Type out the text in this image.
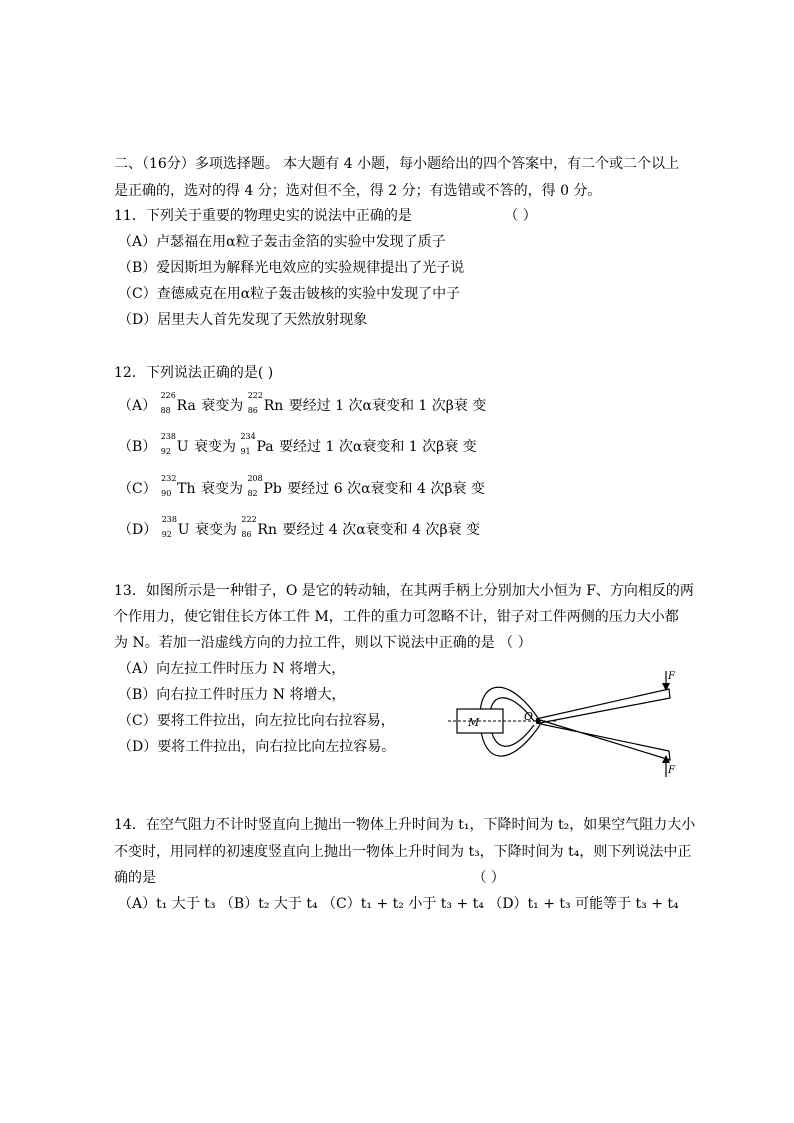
二、（16分）多项选择题。 本大题有 4 小题，每小题给出的四个答案中，有二个或二个以上
是正确的，选对的得 4 分；选对但不全，得 2 分；有选错或不答的，得 0 分。
11．下列关于重要的物理史实的说法中正确的是	（ ）
（A）卢瑟福在用α粒子轰击金箔的实验中发现了质子
（B）爱因斯坦为解释光电效应的实验规律提出了光子说
（C）查德威克在用α粒子轰击铍核的实验中发现了中子
（D）居里夫人首先发现了天然放射现象
12．下列说法正确的是( )
（A）
226
88 Ra 衰变为
222
86 Rn 要经过 1 次α衰变和 1 次β衰 变
（B）
238
92 U 衰变为
234
91 Pa 要经过 1 次α衰变和 1 次β衰 变
（C）
232
90 Th 衰变为
208
82 Pb 要经过 6 次α衰变和 4 次β衰 变
（D）
238
92 U 衰变为
222
86 Rn 要经过 4 次α衰变和 4 次β衰 变
13．如图所示是一种钳子，O 是它的转动轴，在其两手柄上分别加大小恒为 F、方向相反的两
个作用力，使它钳住长方体工件 M，工件的重力可忽略不计，钳子对工件两侧的压力大小都
为 N。若加一沿虚线方向的力拉工件，则以下说法中正确的是 （ ）
（A）向左拉工件时压力 N 将增大，
（B）向右拉工件时压力 N 将增大，
（C）要将工件拉出，向左拉比向右拉容易，
（D）要将工件拉出，向右拉比向左拉容易。
M	O
F
F
14．在空气阻力不计时竖直向上抛出一物体上升时间为 t₁，下降时间为 t₂，如果空气阻力大小
不变时，用同样的初速度竖直向上抛出一物体上升时间为 t₃，下降时间为 t₄，则下列说法中正
确的是	（ ）
（A）t₁ 大于 t₃ （B）t₂ 大于 t₄ （C）t₁ + t₂ 小于 t₃ + t₄ （D）t₁ + t₃ 可能等于 t₃ + t₄
